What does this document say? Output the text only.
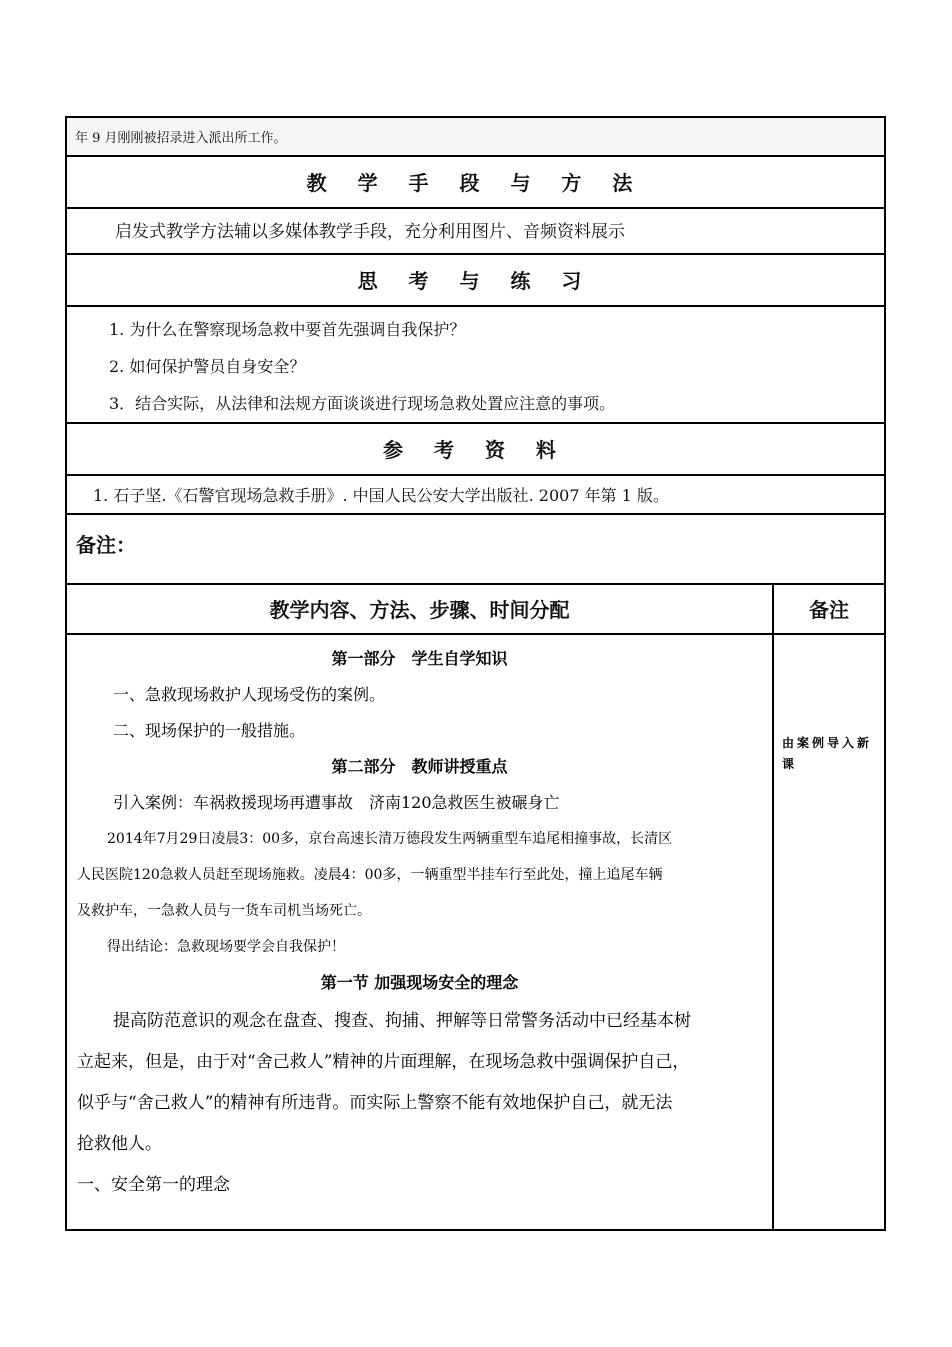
年 9 月刚刚被招录进入派出所工作。
教 学 手 段 与 方 法
启发式教学方法辅以多媒体教学手段，充分利用图片、音频资料展示
思 考 与 练 习
1. 为什么在警察现场急救中要首先强调自我保护？
2. 如何保护警员自身安全？
3．结合实际，从法律和法规方面谈谈进行现场急救处置应注意的事项。
参 考 资 料
1. 石子坚.《石警官现场急救手册》. 中国人民公安大学出版社. 2007 年第 1 版。
备注：
教学内容、方法、步骤、时间分配	备注
第一部分　学生自学知识
一、急救现场救护人现场受伤的案例。
二、现场保护的一般措施。
第二部分　教师讲授重点
引入案例：车祸救援现场再遭事故　济南120急救医生被碾身亡
2014年7月29日凌晨3：00多，京台高速长清万德段发生两辆重型车追尾相撞事故，长清区
人民医院120急救人员赶至现场施救。凌晨4：00多，一辆重型半挂车行至此处，撞上追尾车辆
及救护车，一急救人员与一货车司机当场死亡。
得出结论：急救现场要学会自我保护！
第一节 加强现场安全的理念
提高防范意识的观念在盘查、搜查、拘捕、押解等日常警务活动中已经基本树
立起来，但是，由于对“舍己救人”精神的片面理解，在现场急救中强调保护自己，
似乎与“舍己救人”的精神有所违背。而实际上警察不能有效地保护自己，就无法
抢救他人。
一、安全第一的理念
由案例导入新课
